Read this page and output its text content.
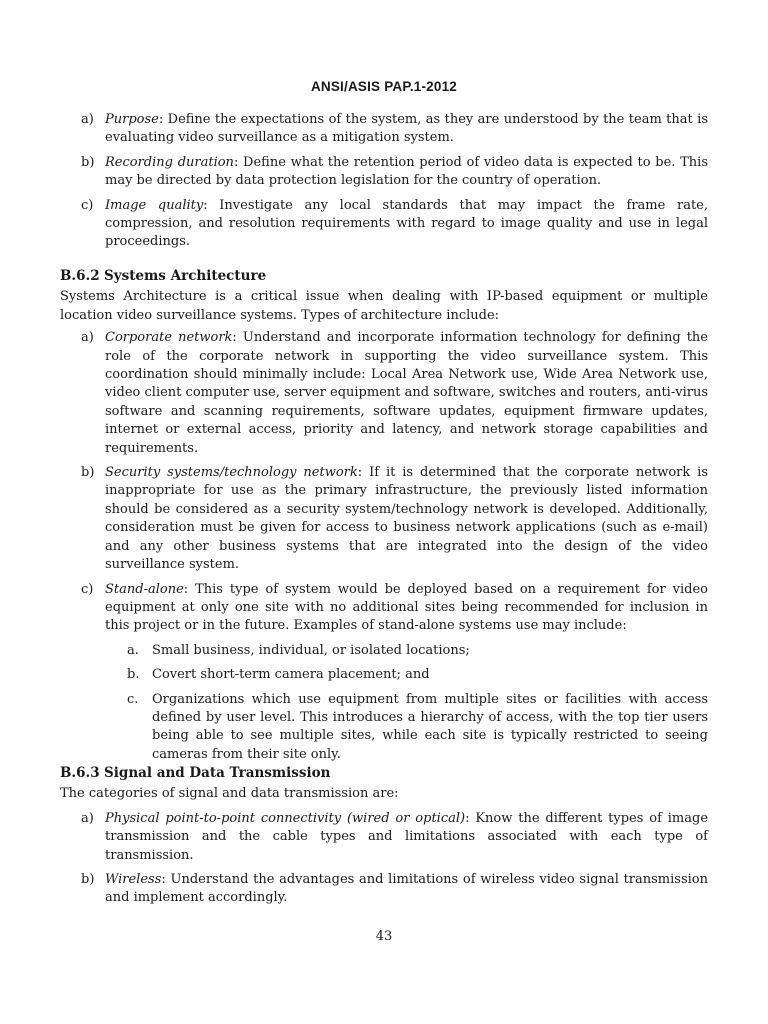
ANSI/ASIS PAP.1-2012

a) Purpose: Define the expectations of the system, as they are understood by the team that is evaluating video surveillance as a mitigation system.

b) Recording duration: Define what the retention period of video data is expected to be. This may be directed by data protection legislation for the country of operation.

c) Image quality: Investigate any local standards that may impact the frame rate, compression, and resolution requirements with regard to image quality and use in legal proceedings.

B.6.2 Systems Architecture

Systems Architecture is a critical issue when dealing with IP-based equipment or multiple location video surveillance systems. Types of architecture include:

a) Corporate network: Understand and incorporate information technology for defining the role of the corporate network in supporting the video surveillance system. This coordination should minimally include: Local Area Network use, Wide Area Network use, video client computer use, server equipment and software, switches and routers, anti-virus software and scanning requirements, software updates, equipment firmware updates, internet or external access, priority and latency, and network storage capabilities and requirements.

b) Security systems/technology network: If it is determined that the corporate network is inappropriate for use as the primary infrastructure, the previously listed information should be considered as a security system/technology network is developed. Additionally, consideration must be given for access to business network applications (such as e-mail) and any other business systems that are integrated into the design of the video surveillance system.

c) Stand-alone: This type of system would be deployed based on a requirement for video equipment at only one site with no additional sites being recommended for inclusion in this project or in the future. Examples of stand-alone systems use may include:

a. Small business, individual, or isolated locations;

b. Covert short-term camera placement; and

c. Organizations which use equipment from multiple sites or facilities with access defined by user level. This introduces a hierarchy of access, with the top tier users being able to see multiple sites, while each site is typically restricted to seeing cameras from their site only.

B.6.3 Signal and Data Transmission

The categories of signal and data transmission are:

a) Physical point-to-point connectivity (wired or optical): Know the different types of image transmission and the cable types and limitations associated with each type of transmission.

b) Wireless: Understand the advantages and limitations of wireless video signal transmission and implement accordingly.

43
